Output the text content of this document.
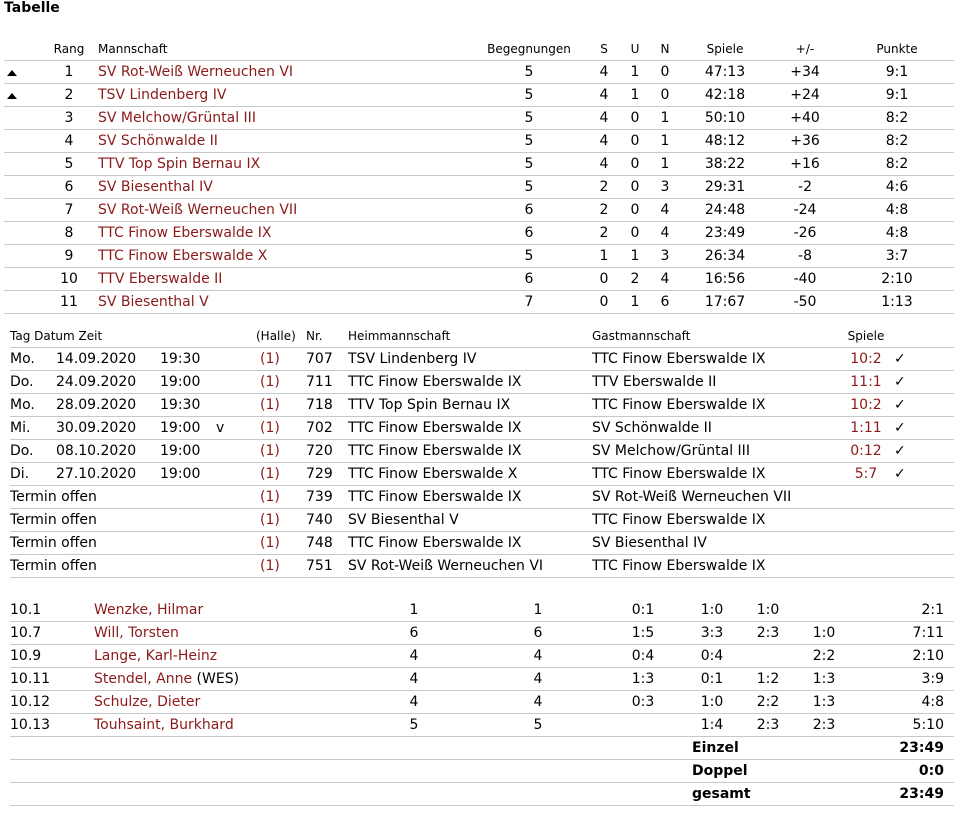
Tabelle
	Rang	Mannschaft	Begegnungen	S	U	N	Spiele	+/-	Punkte
	1	SV Rot-Weiß Werneuchen VI	5	4	1	0	47:13	+34	9:1
	2	TSV Lindenberg IV	5	4	1	0	42:18	+24	9:1
	3	SV Melchow/Grüntal III	5	4	0	1	50:10	+40	8:2
	4	SV Schönwalde II	5	4	0	1	48:12	+36	8:2
	5	TTV Top Spin Bernau IX	5	4	0	1	38:22	+16	8:2
	6	SV Biesenthal IV	5	2	0	3	29:31	-2	4:6
	7	SV Rot-Weiß Werneuchen VII	6	2	0	4	24:48	-24	4:8
	8	TTC Finow Eberswalde IX	6	2	0	4	23:49	-26	4:8
	9	TTC Finow Eberswalde X	5	1	1	3	26:34	-8	3:7
	10	TTV Eberswalde II	6	0	2	4	16:56	-40	2:10
	11	SV Biesenthal V	7	0	1	6	17:67	-50	1:13
Tag Datum Zeit				(Halle)	Nr.	Heimmannschaft	Gastmannschaft	Spiele	
Mo.	14.09.2020	19:30		(1)	707	TSV Lindenberg IV	TTC Finow Eberswalde IX	10:2	✓
Do.	24.09.2020	19:00		(1)	711	TTC Finow Eberswalde IX	TTV Eberswalde II	11:1	✓
Mo.	28.09.2020	19:30		(1)	718	TTV Top Spin Bernau IX	TTC Finow Eberswalde IX	10:2	✓
Mi.	30.09.2020	19:00	v	(1)	702	TTC Finow Eberswalde IX	SV Schönwalde II	1:11	✓
Do.	08.10.2020	19:00		(1)	720	TTC Finow Eberswalde IX	SV Melchow/Grüntal III	0:12	✓
Di.	27.10.2020	19:00		(1)	729	TTC Finow Eberswalde X	TTC Finow Eberswalde IX	5:7	✓
Termin offen				(1)	739	TTC Finow Eberswalde IX	SV Rot-Weiß Werneuchen VII		
Termin offen				(1)	740	SV Biesenthal V	TTC Finow Eberswalde IX		
Termin offen				(1)	748	TTC Finow Eberswalde IX	SV Biesenthal IV		
Termin offen				(1)	751	SV Rot-Weiß Werneuchen VI	TTC Finow Eberswalde IX		
10.1	Wenzke, Hilmar	1	1	0:1	1:0	1:0		2:1
10.7	Will, Torsten	6	6	1:5	3:3	2:3	1:0	7:11
10.9	Lange, Karl-Heinz	4	4	0:4	0:4		2:2	2:10
10.11	Stendel, Anne (WES)	4	4	1:3	0:1	1:2	1:3	3:9
10.12	Schulze, Dieter	4	4	0:3	1:0	2:2	1:3	4:8
10.13	Touhsaint, Burkhard	5	5		1:4	2:3	2:3	5:10
					Einzel			23:49
					Doppel			0:0
					gesamt			23:49
